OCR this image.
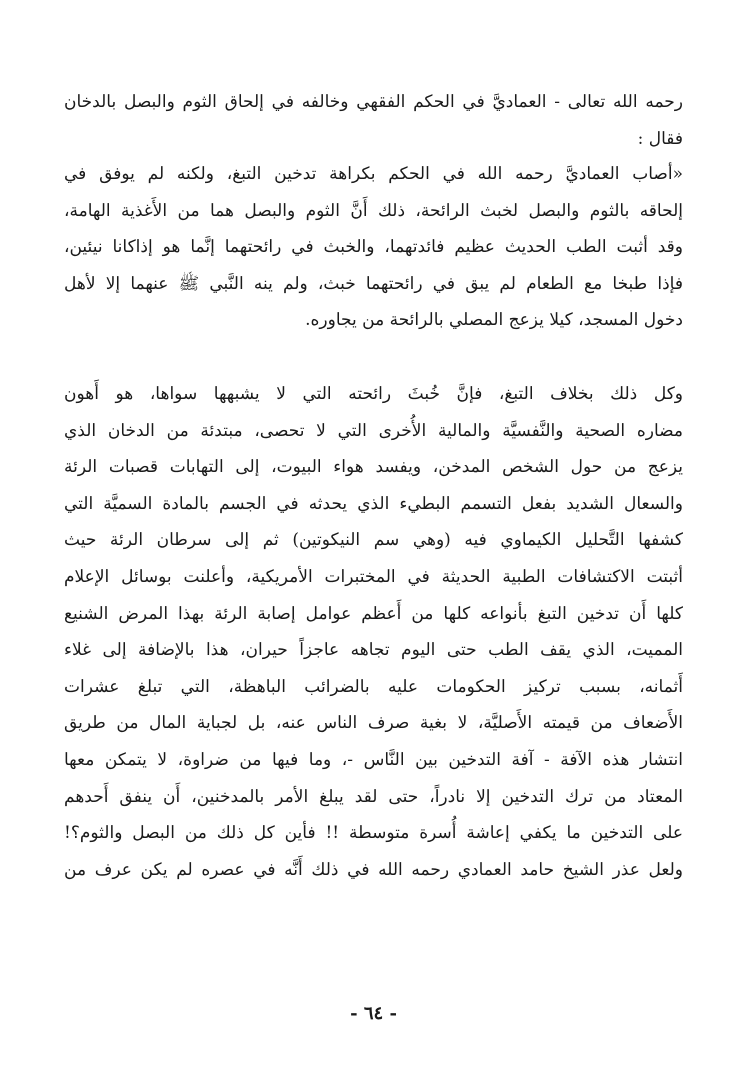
رحمه الله تعالى - العماديَّ في الحكم الفقهي وخالفه في إلحاق الثوم والبصل بالدخان
فقال :
«أصاب العماديَّ رحمه الله في الحكم بكراهة تدخين التبغ، ولكنه لم يوفق في
إلحاقه بالثوم والبصل لخبث الرائحة، ذلك أَنَّ الثوم والبصل هما من الأَغذية الهامة،
وقد أثبت الطب الحديث عظيم فائدتهما، والخبث في رائحتهما إنَّما هو إذاكانا نيئين،
فإذا طبخا مع الطعام لم يبق في رائحتهما خبث، ولم ينه النَّبي ﷺ عنهما إلا لأهل
دخول المسجد، كيلا يزعج المصلي بالرائحة من يجاوره.
وكل ذلك بخلاف التبغ، فإنَّ خُبثَ رائحته التي لا يشبهها سواها، هو أَهون
مضاره الصحية والنَّفسيَّة والمالية الأُخرى التي لا تحصى، مبتدئة من الدخان الذي
يزعج من حول الشخص المدخن، ويفسد هواء البيوت، إلى التهابات قصبات الرئة
والسعال الشديد بفعل التسمم البطيء الذي يحدثه في الجسم بالمادة السميَّة التي
كشفها التَّحليل الكيماوي فيه (وهي سم النيكوتين) ثم إلى سرطان الرئة حيث
أثبتت الاكتشافات الطبية الحديثة في المختبرات الأمريكية، وأعلنت بوسائل الإعلام
كلها أَن تدخين التبغ بأنواعه كلها من أَعظم عوامل إصابة الرئة بهذا المرض الشنيع
المميت، الذي يقف الطب حتى اليوم تجاهه عاجزاً حيران، هذا بالإضافة إلى غلاء
أَثمانه، بسبب تركيز الحكومات عليه بالضرائب الباهظة، التي تبلغ عشرات
الأَضعاف من قيمته الأَصليَّة، لا بغية صرف الناس عنه، بل لجباية المال من طريق
انتشار هذه الآفة - آفة التدخين بين النَّاس -، وما فيها من ضراوة، لا يتمكن معها
المعتاد من ترك التدخين إلا نادراً، حتى لقد يبلغ الأمر بالمدخنين، أَن ينفق أَحدهم
على التدخين ما يكفي إعاشة أُسرة متوسطة !! فأين كل ذلك من البصل والثوم؟!
ولعل عذر الشيخ حامد العمادي رحمه الله في ذلك أَنَّه في عصره لم يكن عرف من
- ٦٤ -
